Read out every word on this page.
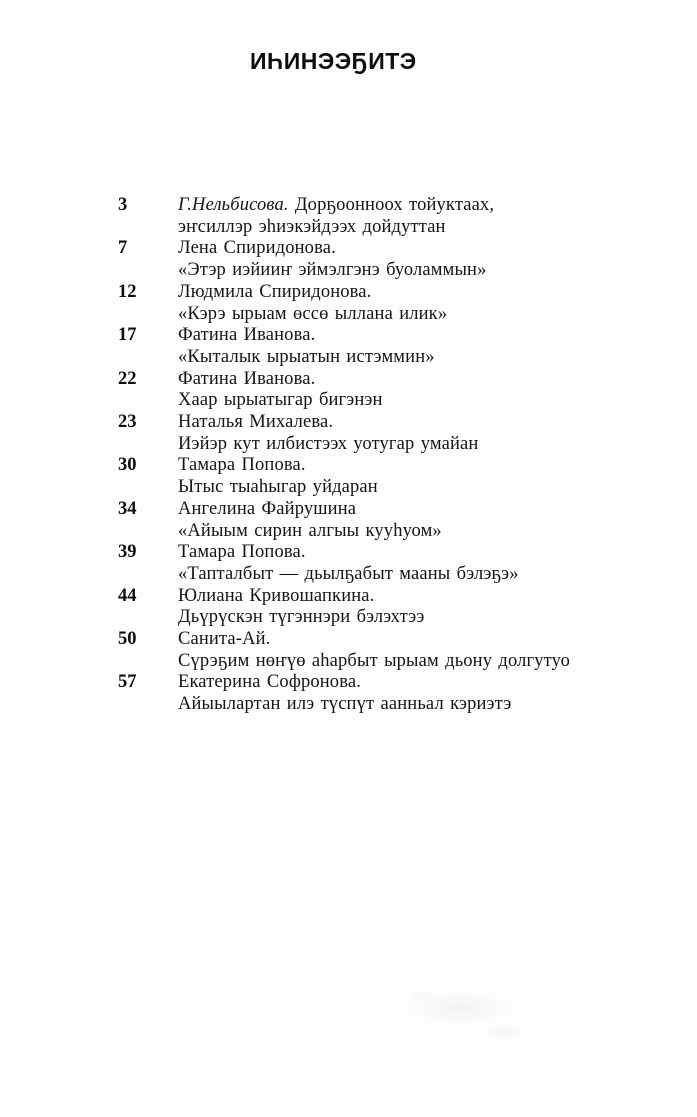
ИҺИНЭЭҔИТЭ
3	Г.Нельбисова. Дорҕоонноох тойуктаах,
эҥсиллэр эһиэкэйдээх дойдуттан
7	Лена Спиридонова.
«Этэр иэйииҥ эймэлгэнэ буоламмын»
12	Людмила Спиридонова.
«Кэрэ ырыам өссө ыллана илик»
17	Фатина Иванова.
«Кыталык ырыатын истэммин»
22	Фатина Иванова.
Хаар ырыатыгар бигэнэн
23	Наталья Михалева.
Иэйэр кут илбистээх уотугар умайан
30	Тамара Попова.
Ытыс тыаһыгар уйдаран
34	Ангелина Файрушина
«Айыым сирин алгыы кууһуом»
39	Тамара Попова.
«Тапталбыт — дьылҕабыт мааны бэлэҕэ»
44	Юлиана Кривошапкина.
Дьүрүскэн түгэннэри бэлэхтээ
50	Санита-Ай.
Сүрэҕим нөҥүө аһарбыт ырыам дьону долгутуо
57	Екатерина Софронова.
Айыылартан илэ түспүт аанньал кэриэтэ
